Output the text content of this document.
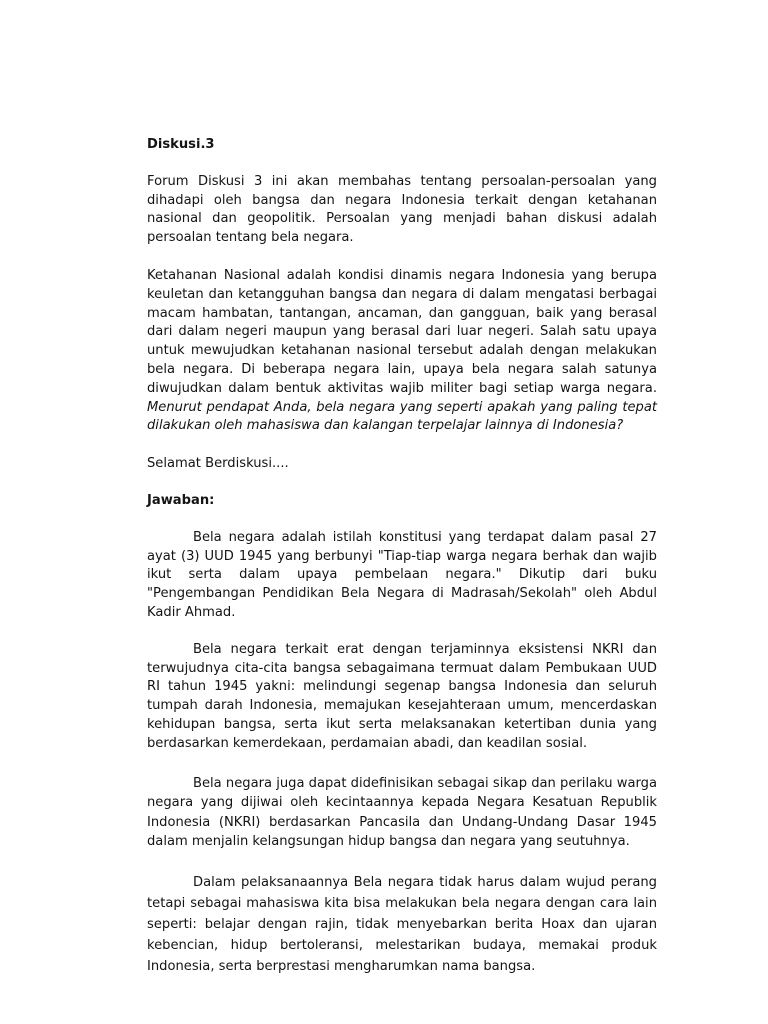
Diskusi.3

Forum Diskusi 3 ini akan membahas tentang persoalan-persoalan yang dihadapi oleh bangsa dan negara Indonesia terkait dengan ketahanan nasional dan geopolitik. Persoalan yang menjadi bahan diskusi adalah persoalan tentang bela negara.

Ketahanan Nasional adalah kondisi dinamis negara Indonesia yang berupa keuletan dan ketangguhan bangsa dan negara di dalam mengatasi berbagai macam hambatan, tantangan, ancaman, dan gangguan, baik yang berasal dari dalam negeri maupun yang berasal dari luar negeri. Salah satu upaya untuk mewujudkan ketahanan nasional tersebut adalah dengan melakukan bela negara. Di beberapa negara lain, upaya bela negara salah satunya diwujudkan dalam bentuk aktivitas wajib militer bagi setiap warga negara. Menurut pendapat Anda, bela negara yang seperti apakah yang paling tepat dilakukan oleh mahasiswa dan kalangan terpelajar lainnya di Indonesia?

Selamat Berdiskusi....

Jawaban:

Bela negara adalah istilah konstitusi yang terdapat dalam pasal 27 ayat (3) UUD 1945 yang berbunyi "Tiap-tiap warga negara berhak dan wajib ikut serta dalam upaya pembelaan negara." Dikutip dari buku "Pengembangan Pendidikan Bela Negara di Madrasah/Sekolah" oleh Abdul Kadir Ahmad.

Bela negara terkait erat dengan terjaminnya eksistensi NKRI dan terwujudnya cita-cita bangsa sebagaimana termuat dalam Pembukaan UUD RI tahun 1945 yakni: melindungi segenap bangsa Indonesia dan seluruh tumpah darah Indonesia, memajukan kesejahteraan umum, mencerdaskan kehidupan bangsa, serta ikut serta melaksanakan ketertiban dunia yang berdasarkan kemerdekaan, perdamaian abadi, dan keadilan sosial.

Bela negara juga dapat didefinisikan sebagai sikap dan perilaku warga negara yang dijiwai oleh kecintaannya kepada Negara Kesatuan Republik Indonesia (NKRI) berdasarkan Pancasila dan Undang-Undang Dasar 1945 dalam menjalin kelangsungan hidup bangsa dan negara yang seutuhnya.

Dalam pelaksanaannya Bela negara tidak harus dalam wujud perang tetapi sebagai mahasiswa kita bisa melakukan bela negara dengan cara lain seperti: belajar dengan rajin, tidak menyebarkan berita Hoax dan ujaran kebencian, hidup bertoleransi, melestarikan budaya, memakai produk Indonesia, serta berprestasi mengharumkan nama bangsa.
